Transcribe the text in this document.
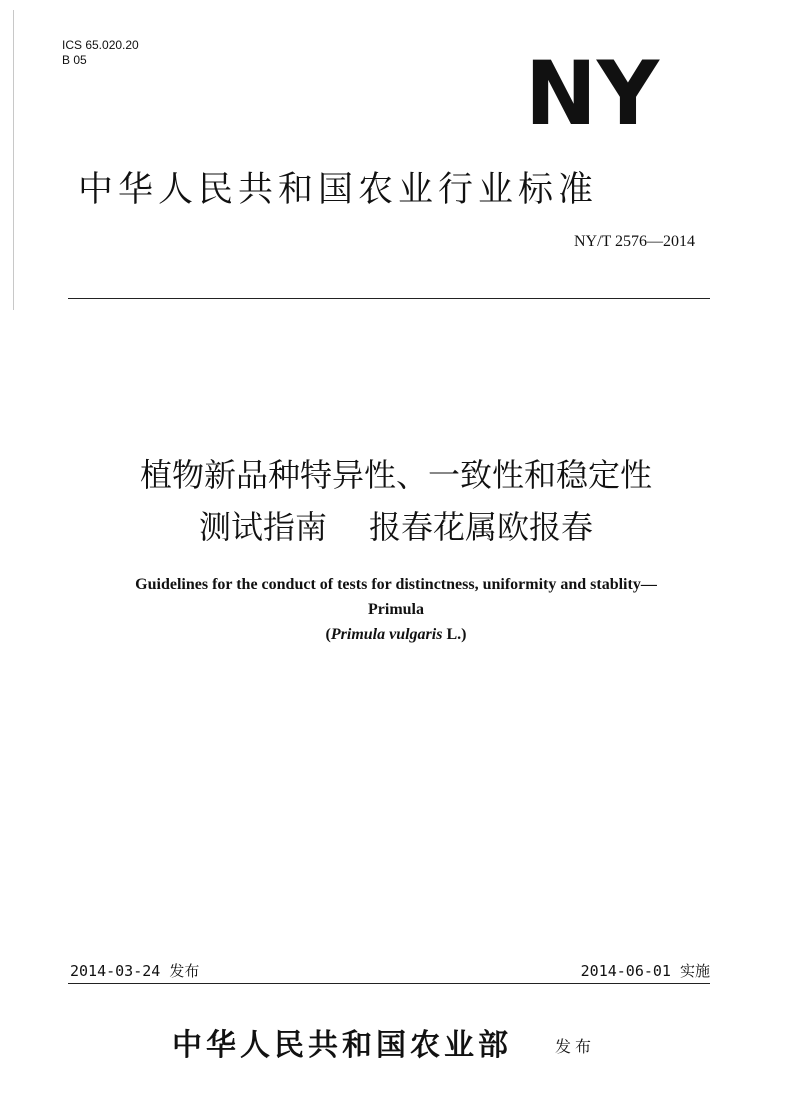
ICS 65.020.20
B 05	NY
中华人民共和国农业行业标准
NY/T 2576—2014
植物新品种特异性、一致性和稳定性
测试指南 报春花属欧报春
Guidelines for the conduct of tests for distinctness, uniformity and stablity—
Primula
(Primula vulgaris L.)
2014-03-24 发布	2014-06-01 实施
中华人民共和国农业部	发布
